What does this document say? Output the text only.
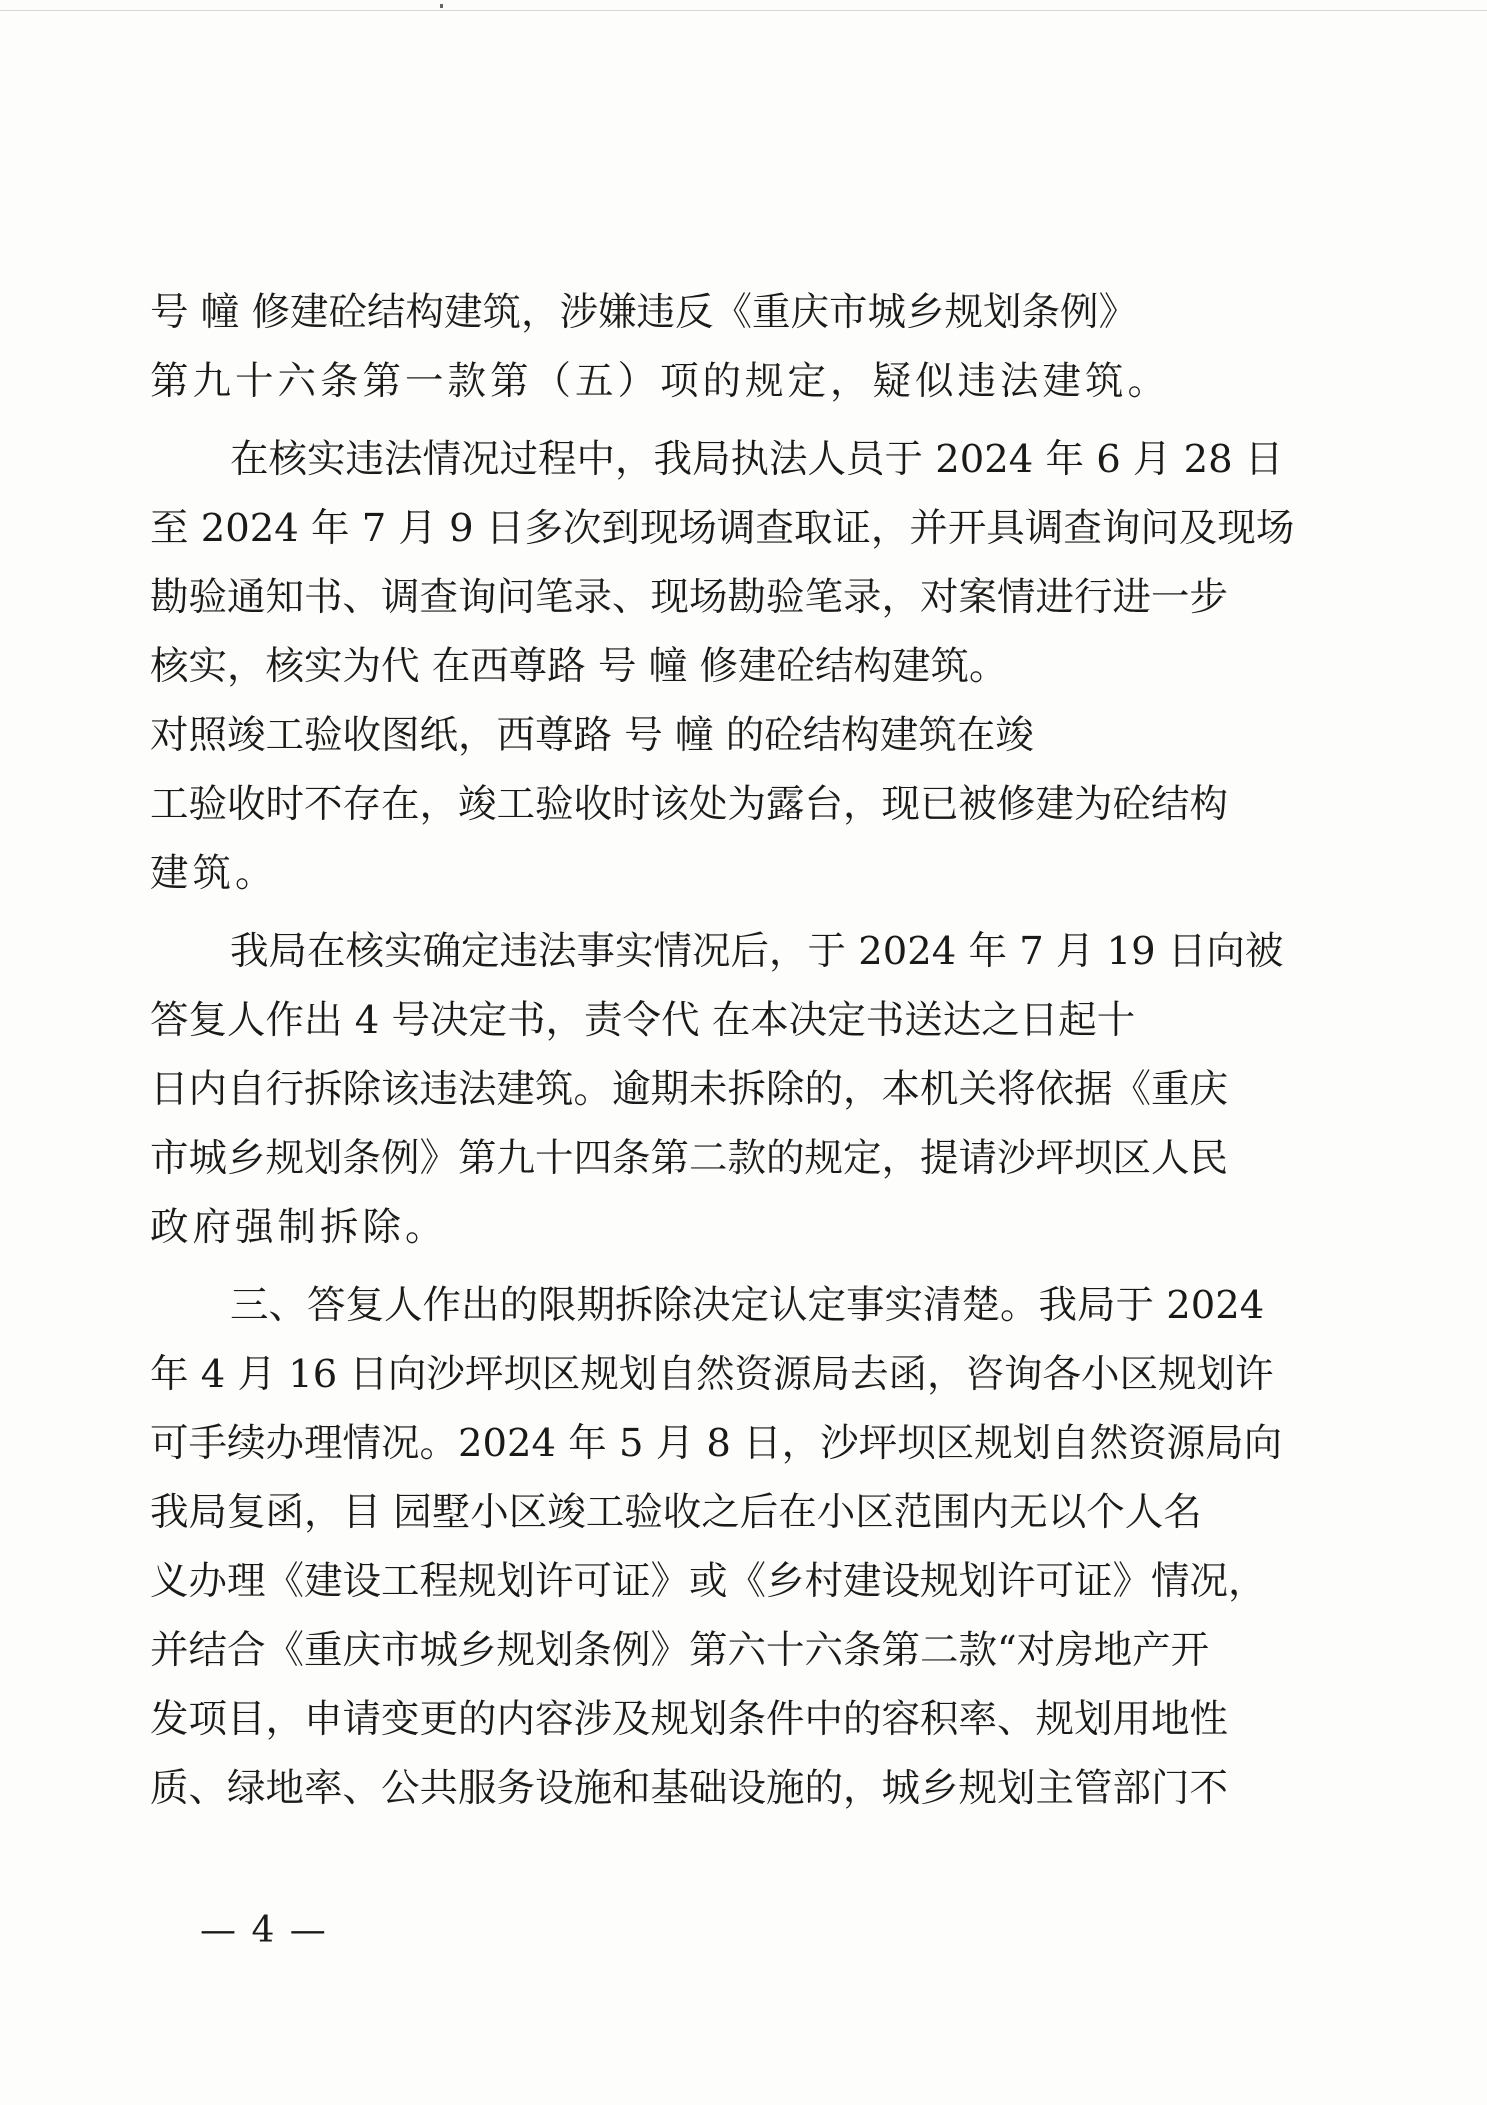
号 幢 修建砼结构建筑，涉嫌违反《重庆市城乡规划条例》
第九十六条第一款第（五）项的规定，疑似违法建筑。
在核实违法情况过程中，我局执法人员于 2024 年 6 月 28 日
至 2024 年 7 月 9 日多次到现场调查取证，并开具调查询问及现场
勘验通知书、调查询问笔录、现场勘验笔录，对案情进行进一步
核实，核实为代 在西尊路 号 幢 修建砼结构建筑。
对照竣工验收图纸，西尊路 号 幢 的砼结构建筑在竣
工验收时不存在，竣工验收时该处为露台，现已被修建为砼结构
建筑。
我局在核实确定违法事实情况后，于 2024 年 7 月 19 日向被
答复人作出 4 号决定书，责令代 在本决定书送达之日起十
日内自行拆除该违法建筑。逾期未拆除的，本机关将依据《重庆
市城乡规划条例》第九十四条第二款的规定，提请沙坪坝区人民
政府强制拆除。
三、答复人作出的限期拆除决定认定事实清楚。我局于 2024
年 4 月 16 日向沙坪坝区规划自然资源局去函，咨询各小区规划许
可手续办理情况。2024 年 5 月 8 日，沙坪坝区规划自然资源局向
我局复函，目 园墅小区竣工验收之后在小区范围内无以个人名
义办理《建设工程规划许可证》或《乡村建设规划许可证》情况，
并结合《重庆市城乡规划条例》第六十六条第二款“对房地产开
发项目，申请变更的内容涉及规划条件中的容积率、规划用地性
质、绿地率、公共服务设施和基础设施的，城乡规划主管部门不
— 4 —
